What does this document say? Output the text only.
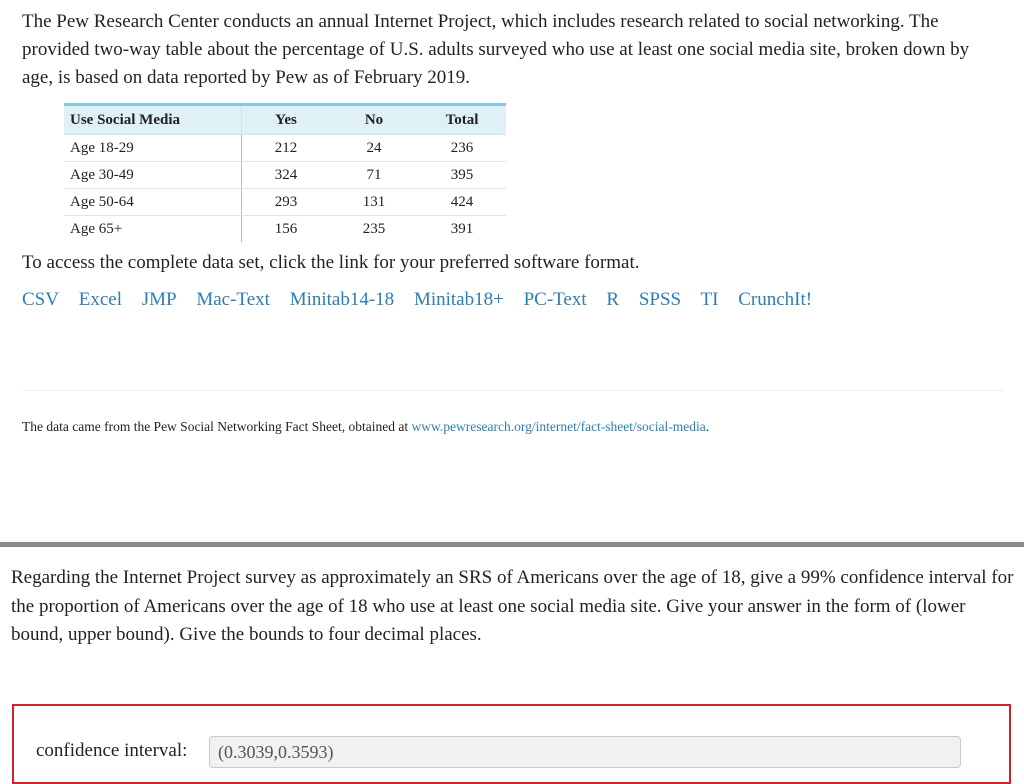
The Pew Research Center conducts an annual Internet Project, which includes research related to social networking. The provided two-way table about the percentage of U.S. adults surveyed who use at least one social media site, broken down by age, is based on data reported by Pew as of February 2019.

Use Social Media	Yes	No	Total
Age 18-29	212	24	236
Age 30-49	324	71	395
Age 50-64	293	131	424
Age 65+	156	235	391

To access the complete data set, click the link for your preferred software format.

CSV Excel JMP Mac-Text Minitab14-18 Minitab18+ PC-Text R SPSS TI CrunchIt!

The data came from the Pew Social Networking Fact Sheet, obtained at www.pewresearch.org/internet/fact-sheet/social-media.

Regarding the Internet Project survey as approximately an SRS of Americans over the age of 18, give a 99% confidence interval for the proportion of Americans over the age of 18 who use at least one social media site. Give your answer in the form of (lower bound, upper bound). Give the bounds to four decimal places.

confidence interval:
(0.3039,0.3593)
